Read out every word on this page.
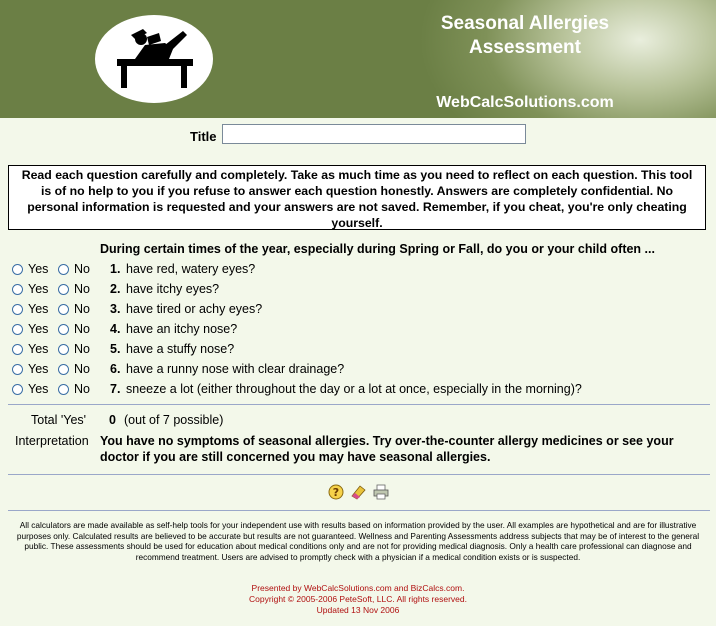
Seasonal Allergies
Assessment
WebCalcSolutions.com
Title
Read each question carefully and completely. Take as much time as you need to reflect on each question. This tool is of no help to you if you refuse to answer each question honestly. Answers are completely confidential. No personal information is requested and your answers are not saved. Remember, if you cheat, you're only cheating yourself.
During certain times of the year, especially during Spring or Fall, do you or your child often ...
Yes No 1. have red, watery eyes?
Yes No 2. have itchy eyes?
Yes No 3. have tired or achy eyes?
Yes No 4. have an itchy nose?
Yes No 5. have a stuffy nose?
Yes No 6. have a runny nose with clear drainage?
Yes No 7. sneeze a lot (either throughout the day or a lot at once, especially in the morning)?
Total 'Yes' 0 (out of 7 possible)
Interpretation You have no symptoms of seasonal allergies. Try over-the-counter allergy medicines or see your doctor if you are still concerned you may have seasonal allergies.
?
All calculators are made available as self-help tools for your independent use with results based on information provided by the user. All examples are hypothetical and are for illustrative purposes only. Calculated results are believed to be accurate but results are not guaranteed. Wellness and Parenting Assessments address subjects that may be of interest to the general public. These assessments should be used for education about medical conditions only and are not for providing medical diagnosis. Only a health care professional can diagnose and recommend treatment. Users are advised to promptly check with a physician if a medical condition exists or is suspected.
Presented by WebCalcSolutions.com and BizCalcs.com.
Copyright © 2005-2006 PeteSoft, LLC. All rights reserved.
Updated 13 Nov 2006
